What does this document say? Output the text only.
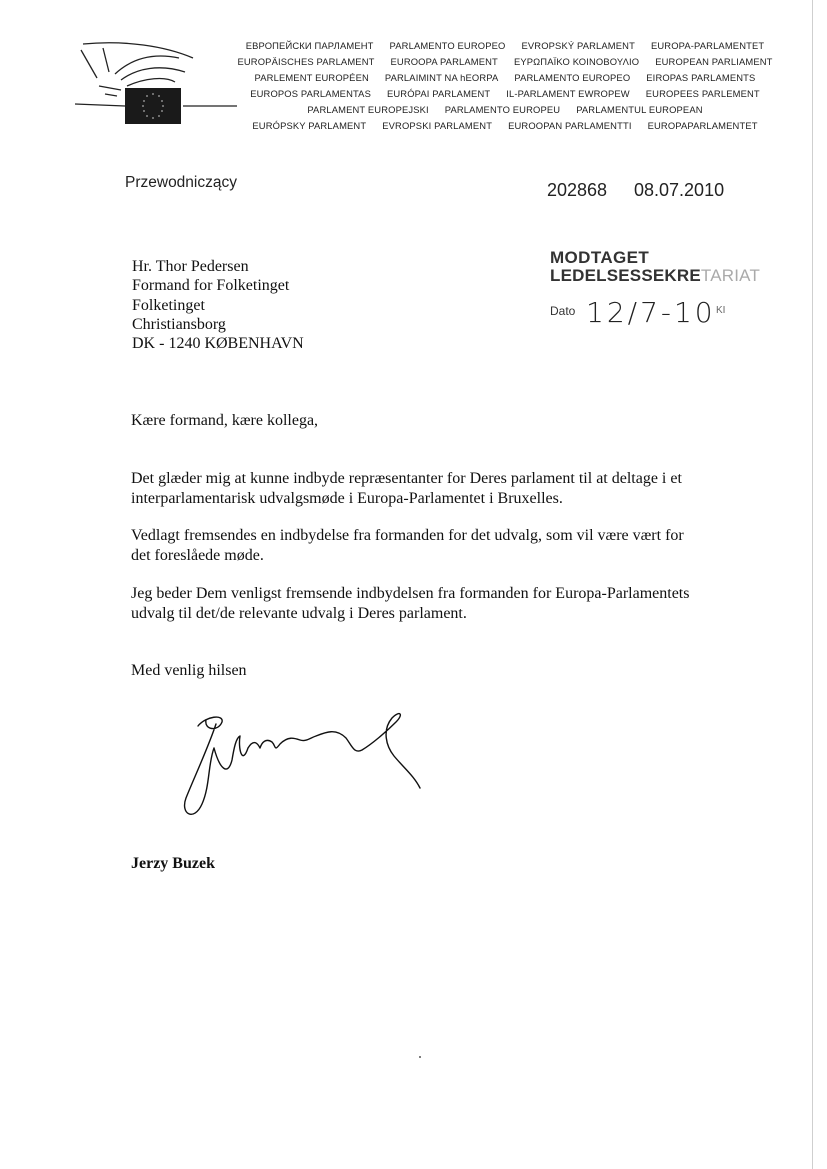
ЕВРОПЕЙСКИ ПАРЛАМЕНТ PARLAMENTO EUROPEO EVROPSKÝ PARLAMENT EUROPA-PARLAMENTET
EUROPÄISCHES PARLAMENT EUROOPA PARLAMENT ΕΥΡΩΠΑΪΚΟ ΚΟΙΝΟΒΟΥΛΙΟ EUROPEAN PARLIAMENT
PARLEMENT EUROPÉEN PARLAIMINT NA hEORPA PARLAMENTO EUROPEO EIROPAS PARLAMENTS
EUROPOS PARLAMENTAS EURÓPAI PARLAMENT IL-PARLAMENT EWROPEW EUROPEES PARLEMENT
PARLAMENT EUROPEJSKI PARLAMENTO EUROPEU PARLAMENTUL EUROPEAN
EURÓPSKY PARLAMENT EVROPSKI PARLAMENT EUROOPAN PARLAMENTTI EUROPAPARLAMENTET
Przewodniczący	202868 08.07.2010
Hr. Thor Pedersen
Formand for Folketinget
Folketinget
Christiansborg
DK - 1240 KØBENHAVN
MODTAGET
LEDELSESSEKRETARIAT
Dato 12/7-10 KI
Kære formand, kære kollega,
Det glæder mig at kunne indbyde repræsentanter for Deres parlament til at deltage i et
interparlamentarisk udvalgsmøde i Europa-Parlamentet i Bruxelles.
Vedlagt fremsendes en indbydelse fra formanden for det udvalg, som vil være vært for
det foreslåede møde.
Jeg beder Dem venligst fremsende indbydelsen fra formanden for Europa-Parlamentets
udvalg til det/de relevante udvalg i Deres parlament.
Med venlig hilsen
Jerzy Buzek
